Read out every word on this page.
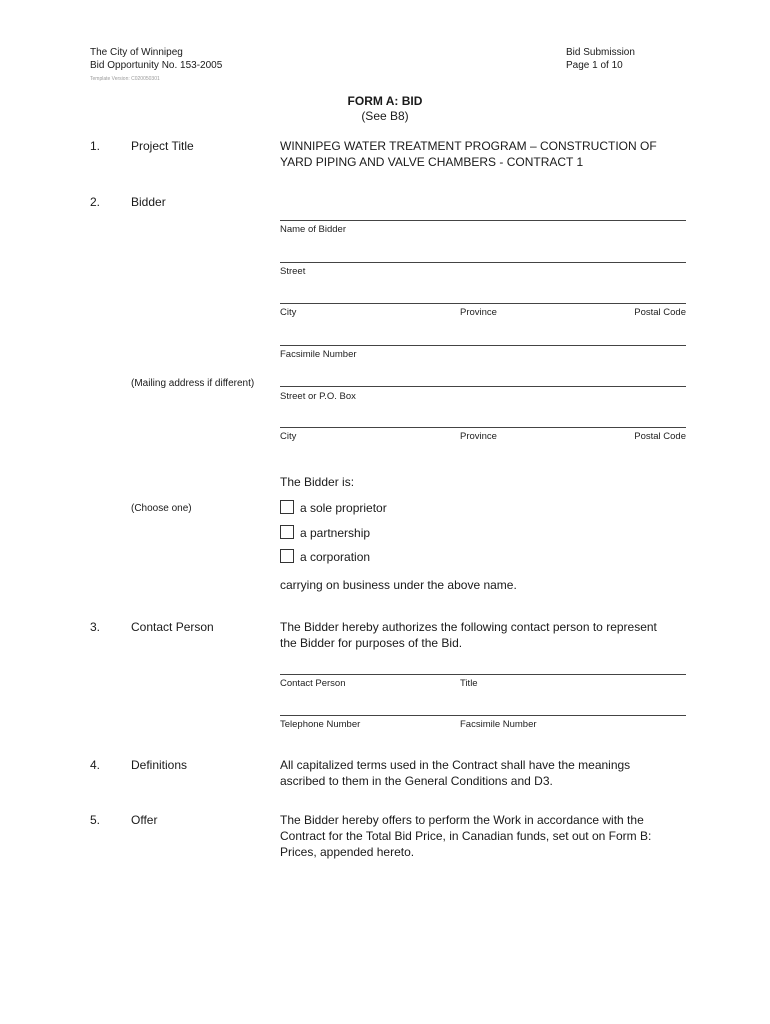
The City of Winnipeg
Bid Opportunity No. 153-2005
Template Version: C020050301
Bid Submission
Page 1 of 10
FORM A: BID
(See B8)
1.	Project Title	WINNIPEG WATER TREATMENT PROGRAM – CONSTRUCTION OF
YARD PIPING AND VALVE CHAMBERS - CONTRACT 1
2.	Bidder
Name of Bidder
Street
City	Province	Postal Code
Facsimile Number
(Mailing address if different)
Street or P.O. Box
City	Province	Postal Code
The Bidder is:
(Choose one)	a sole proprietor
a partnership
a corporation
carrying on business under the above name.
3.	Contact Person	The Bidder hereby authorizes the following contact person to represent
the Bidder for purposes of the Bid.
Contact Person	Title
Telephone Number	Facsimile Number
4.	Definitions	All capitalized terms used in the Contract shall have the meanings
ascribed to them in the General Conditions and D3.
5.	Offer	The Bidder hereby offers to perform the Work in accordance with the
Contract for the Total Bid Price, in Canadian funds, set out on Form B:
Prices, appended hereto.
